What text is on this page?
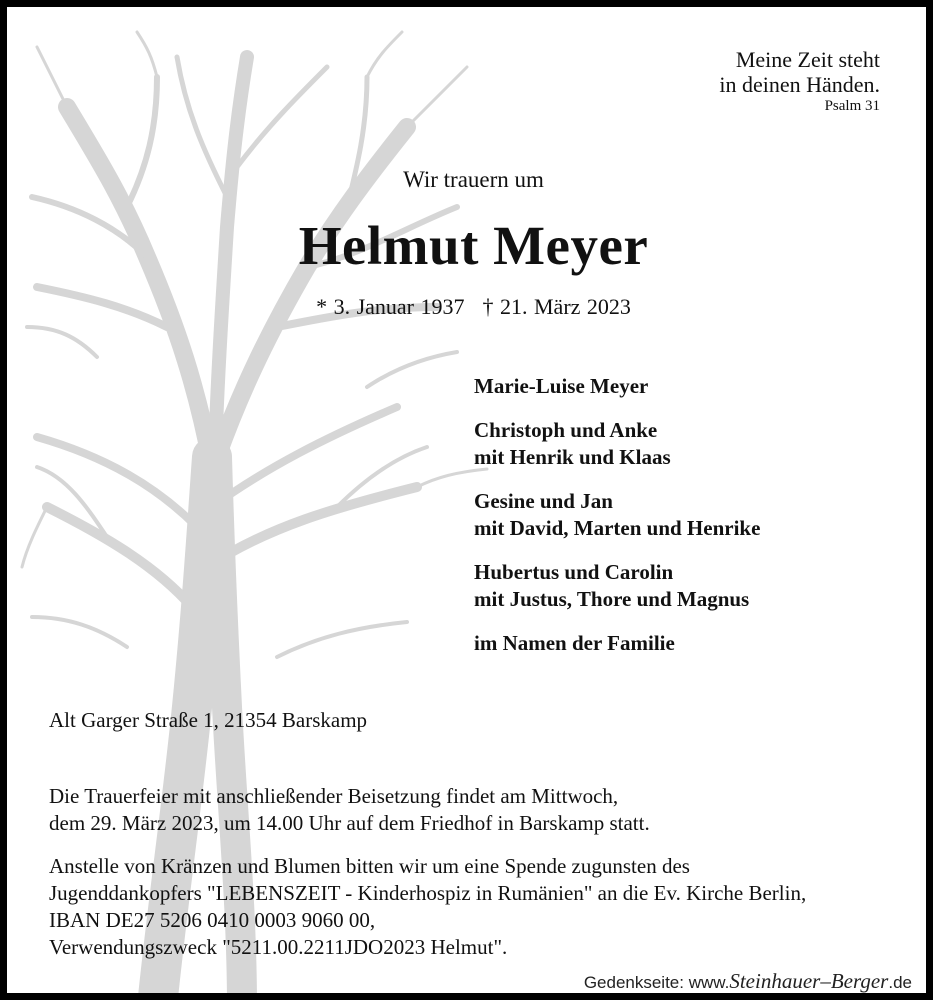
Meine Zeit steht
in deinen Händen.
Psalm 31
Wir trauern um
Helmut Meyer
* 3. Januar 1937 † 21. März 2023
Marie-Luise Meyer
Christoph und Anke
mit Henrik und Klaas
Gesine und Jan
mit David, Marten und Henrike
Hubertus und Carolin
mit Justus, Thore und Magnus
im Namen der Familie
Alt Garger Straße 1, 21354 Barskamp
Die Trauerfeier mit anschließender Beisetzung findet am Mittwoch,
dem 29. März 2023, um 14.00 Uhr auf dem Friedhof in Barskamp statt.
Anstelle von Kränzen und Blumen bitten wir um eine Spende zugunsten des
Jugenddankopfers "LEBENSZEIT - Kinderhospiz in Rumänien" an die Ev. Kirche Berlin,
IBAN DE27 5206 0410 0003 9060 00,
Verwendungszweck "5211.00.2211JDO2023 Helmut".
Gedenkseite: www.Steinhauer–Berger.de
